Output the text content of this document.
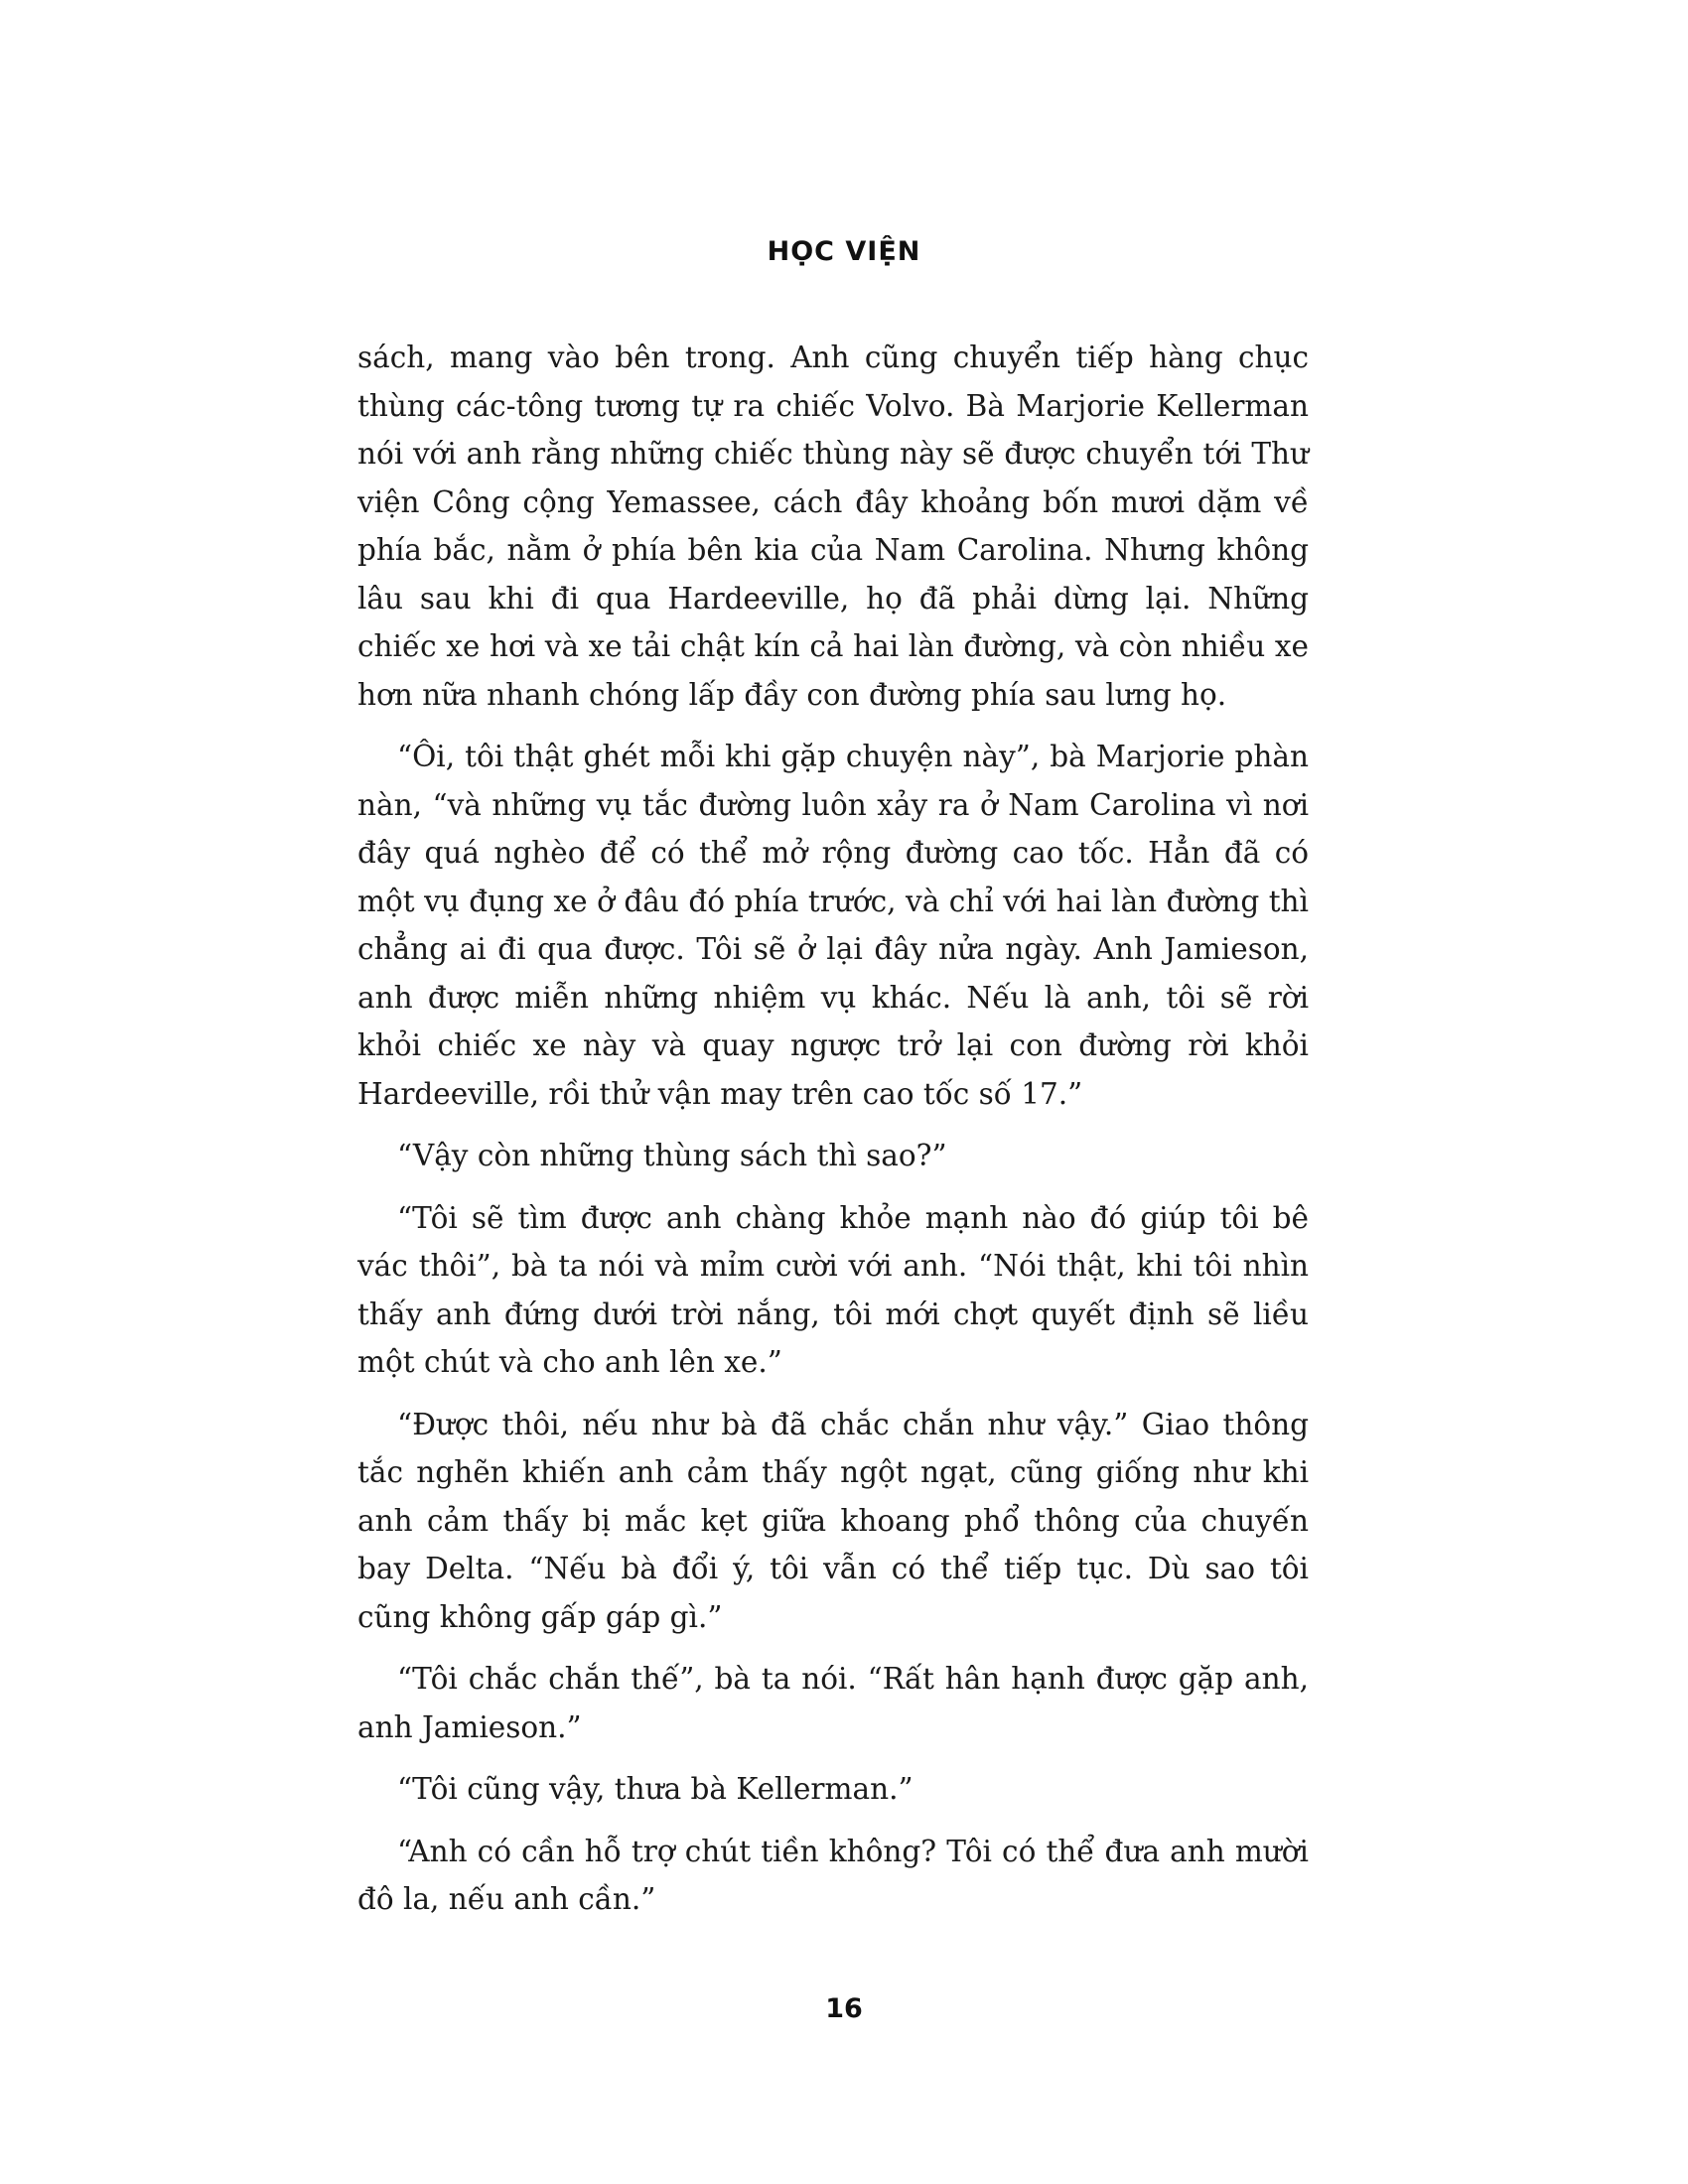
HỌC VIỆN

sách, mang vào bên trong. Anh cũng chuyển tiếp hàng chục thùng các-tông tương tự ra chiếc Volvo. Bà Marjorie Kellerman nói với anh rằng những chiếc thùng này sẽ được chuyển tới Thư viện Công cộng Yemassee, cách đây khoảng bốn mươi dặm về phía bắc, nằm ở phía bên kia của Nam Carolina. Nhưng không lâu sau khi đi qua Hardeeville, họ đã phải dừng lại. Những chiếc xe hơi và xe tải chật kín cả hai làn đường, và còn nhiều xe hơn nữa nhanh chóng lấp đầy con đường phía sau lưng họ.

“Ôi, tôi thật ghét mỗi khi gặp chuyện này”, bà Marjorie phàn nàn, “và những vụ tắc đường luôn xảy ra ở Nam Carolina vì nơi đây quá nghèo để có thể mở rộng đường cao tốc. Hẳn đã có một vụ đụng xe ở đâu đó phía trước, và chỉ với hai làn đường thì chẳng ai đi qua được. Tôi sẽ ở lại đây nửa ngày. Anh Jamieson, anh được miễn những nhiệm vụ khác. Nếu là anh, tôi sẽ rời khỏi chiếc xe này và quay ngược trở lại con đường rời khỏi Hardeeville, rồi thử vận may trên cao tốc số 17.”

“Vậy còn những thùng sách thì sao?”

“Tôi sẽ tìm được anh chàng khỏe mạnh nào đó giúp tôi bê vác thôi”, bà ta nói và mỉm cười với anh. “Nói thật, khi tôi nhìn thấy anh đứng dưới trời nắng, tôi mới chợt quyết định sẽ liều một chút và cho anh lên xe.”

“Được thôi, nếu như bà đã chắc chắn như vậy.” Giao thông tắc nghẽn khiến anh cảm thấy ngột ngạt, cũng giống như khi anh cảm thấy bị mắc kẹt giữa khoang phổ thông của chuyến bay Delta. “Nếu bà đổi ý, tôi vẫn có thể tiếp tục. Dù sao tôi cũng không gấp gáp gì.”

“Tôi chắc chắn thế”, bà ta nói. “Rất hân hạnh được gặp anh, anh Jamieson.”

“Tôi cũng vậy, thưa bà Kellerman.”

“Anh có cần hỗ trợ chút tiền không? Tôi có thể đưa anh mười đô la, nếu anh cần.”

16
